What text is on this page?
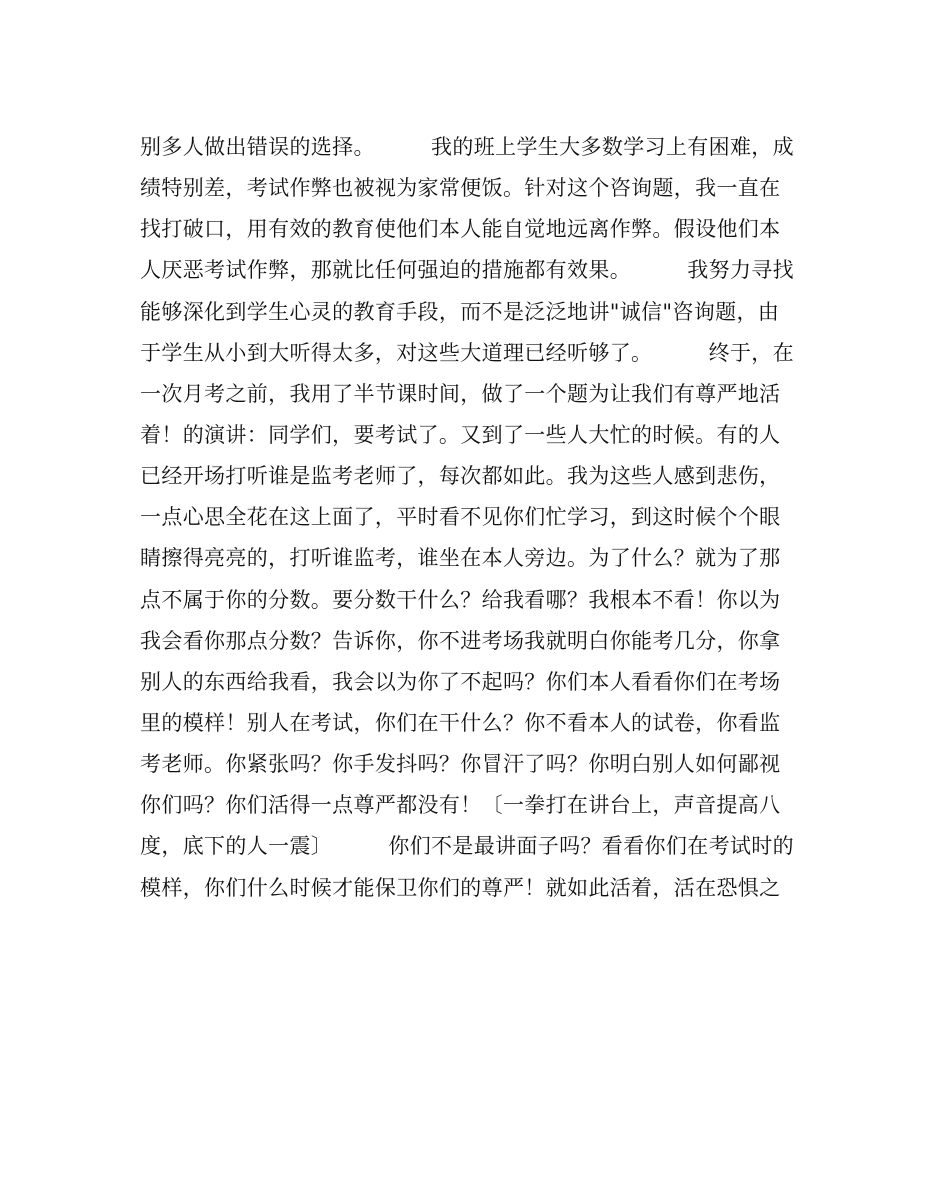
别多人做出错误的选择。        我的班上学生大多数学习上有困难，成
绩特别差，考试作弊也被视为家常便饭。针对这个咨询题，我一直在
找打破口，用有效的教育使他们本人能自觉地远离作弊。假设他们本
人厌恶考试作弊，那就比任何强迫的措施都有效果。        我努力寻找
能够深化到学生心灵的教育手段，而不是泛泛地讲"诚信"咨询题，由
于学生从小到大听得太多，对这些大道理已经听够了。        终于，在
一次月考之前，我用了半节课时间，做了一个题为让我们有尊严地活
着！的演讲：同学们，要考试了。又到了一些人大忙的时候。有的人
已经开场打听谁是监考老师了，每次都如此。我为这些人感到悲伤，
一点心思全花在这上面了，平时看不见你们忙学习，到这时候个个眼
睛擦得亮亮的，打听谁监考，谁坐在本人旁边。为了什么？就为了那
点不属于你的分数。要分数干什么？给我看哪？我根本不看！你以为
我会看你那点分数？告诉你，你不进考场我就明白你能考几分，你拿
别人的东西给我看，我会以为你了不起吗？你们本人看看你们在考场
里的模样！别人在考试，你们在干什么？你不看本人的试卷，你看监
考老师。你紧张吗？你手发抖吗？你冒汗了吗？你明白别人如何鄙视
你们吗？你们活得一点尊严都没有！〔一拳打在讲台上，声音提高八
度，底下的人一震〕        你们不是最讲面子吗？看看你们在考试时的
模样，你们什么时候才能保卫你们的尊严！就如此活着，活在恐惧之
